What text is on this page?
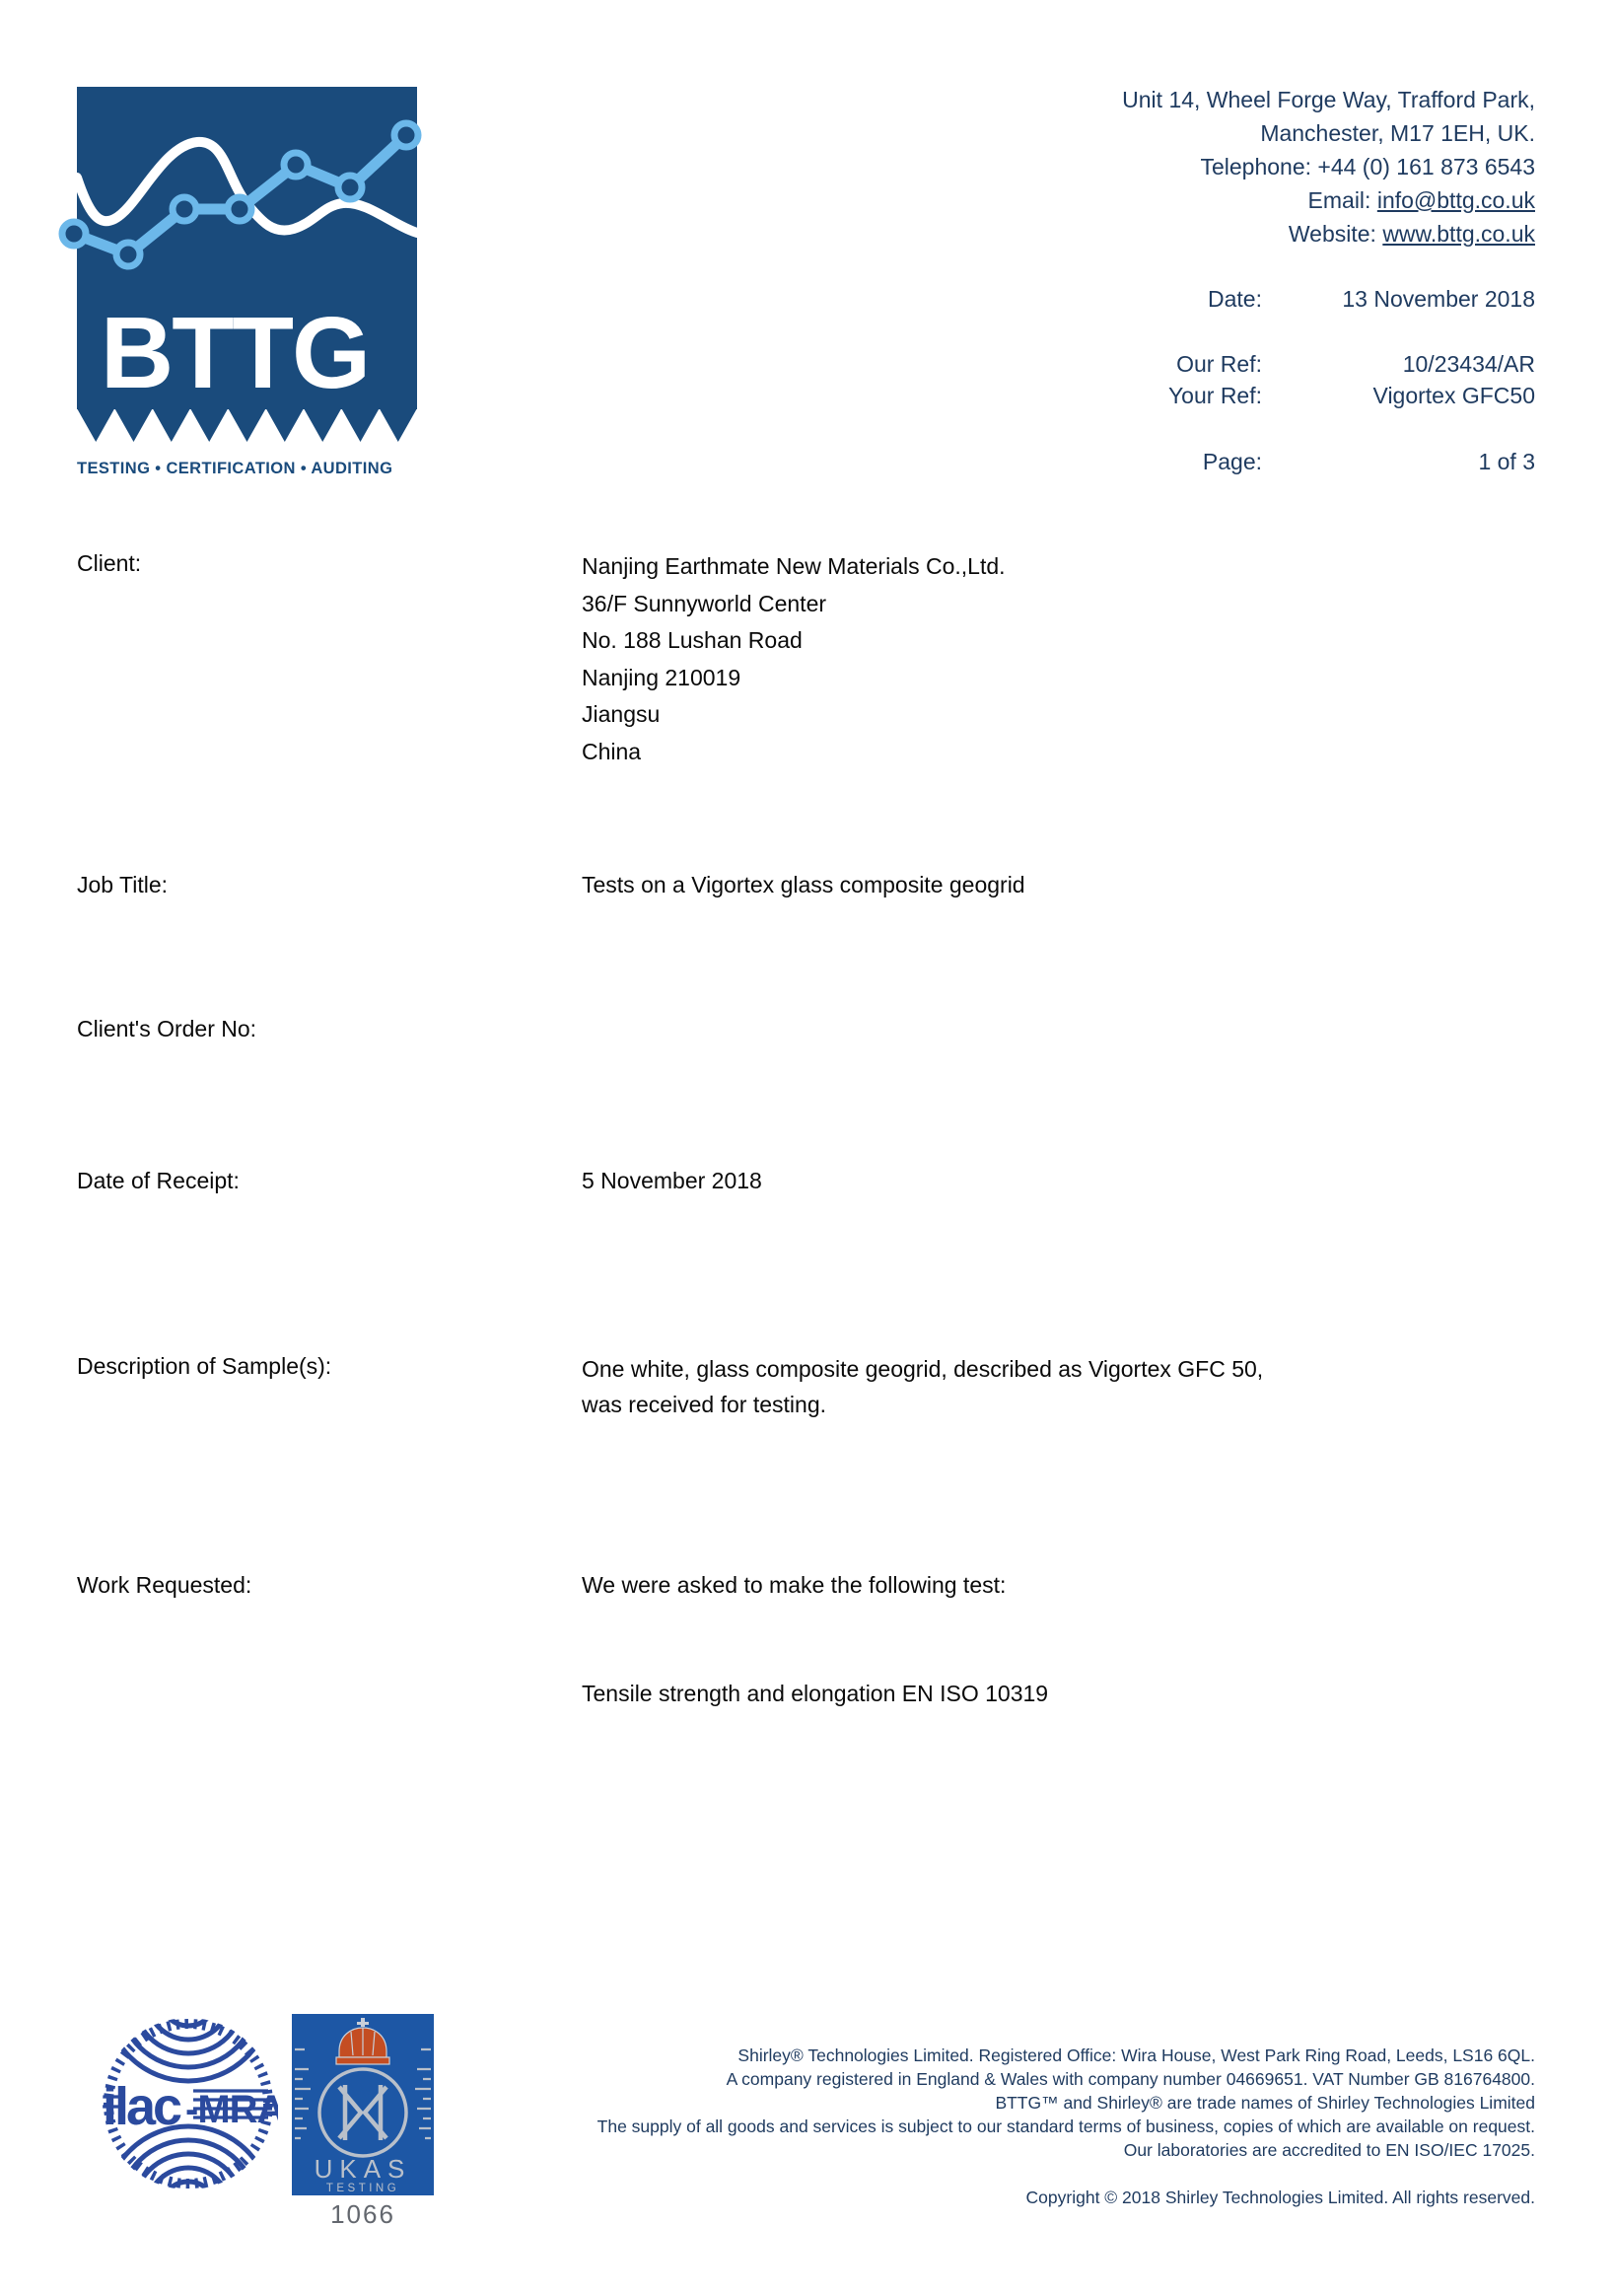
BTTG
TESTING • CERTIFICATION • AUDITING
Unit 14, Wheel Forge Way, Trafford Park,
Manchester, M17 1EH, UK.
Telephone: +44 (0) 161 873 6543
Email: info@bttg.co.uk
Website: www.bttg.co.uk
Date:	13 November 2018
Our Ref:	10/23434/AR
Your Ref:	Vigortex GFC50
Page:	1 of 3
Client:	Nanjing Earthmate New Materials Co.,Ltd.
36/F Sunnyworld Center
No. 188 Lushan Road
Nanjing 210019
Jiangsu
China
Job Title:	Tests on a Vigortex glass composite geogrid
Client's Order No:
Date of Receipt:	5 November 2018
Description of Sample(s):	One white, glass composite geogrid, described as Vigortex GFC 50,
was received for testing.
Work Requested:	We were asked to make the following test:
Tensile strength and elongation EN ISO 10319
ilac -MRA
UKAS
TESTING
1066
Shirley® Technologies Limited. Registered Office: Wira House, West Park Ring Road, Leeds, LS16 6QL.
A company registered in England & Wales with company number 04669651. VAT Number GB 816764800.
BTTG™ and Shirley® are trade names of Shirley Technologies Limited
The supply of all goods and services is subject to our standard terms of business, copies of which are available on request.
Our laboratories are accredited to EN ISO/IEC 17025.
Copyright © 2018 Shirley Technologies Limited. All rights reserved.
